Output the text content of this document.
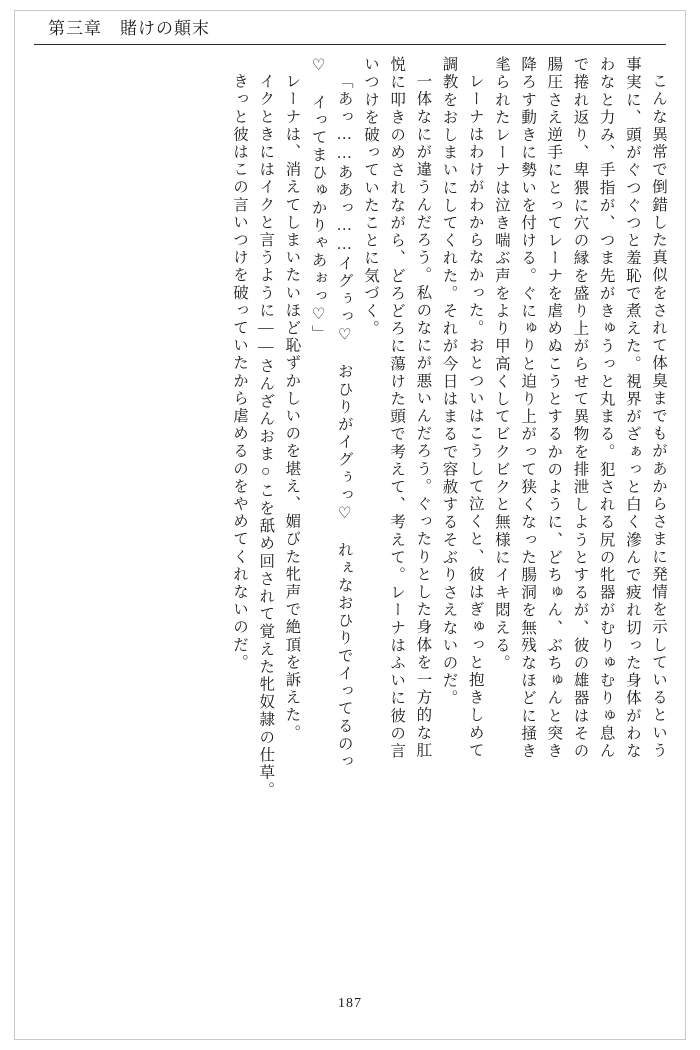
第三章 賭けの顛末
こんな異常で倒錯した真似をされて体臭までもがあからさまに発情を示しているという
事実に、頭がぐつぐつと羞恥で煮えた。視界がざぁっと白く滲んで疲れ切った身体がわな
わなと力み、手指が、つま先がきゅうっと丸まる。犯される尻の牝器がむりゅむりゅ息ん
で捲れ返り、卑猥に穴の縁を盛り上がらせて異物を排泄しようとするが、彼の雄器はその
腸圧さえ逆手にとってレーナを虐めぬこうとするかのように、どちゅん、ぶちゅんと突き
降ろす動きに勢いを付ける。ぐにゅりと迫り上がって狭くなった腸洞を無残なほどに掻き
毟られたレーナは泣き喘ぶ声をより甲高くしてビクビクと無様にイキ悶える。
レーナはわけがわからなかった。おとついはこうして泣くと、彼はぎゅっと抱きしめて
調教をおしまいにしてくれた。それが今日はまるで容赦するそぶりさえないのだ。
一体なにが違うんだろう。私のなにが悪いんだろう。ぐったりとした身体を一方的な肛
悦に叩きのめされながら、どろどろに蕩けた頭で考えて、考えて。レーナはふいに彼の言
いつけを破っていたことに気づく。
「あっ……ああっ……イグぅっ♡　おひりがイグぅっ♡　れぇなおひりでイってるのっ
♡　イってまひゅかりゃあぉっ♡」
レーナは、消えてしまいたいほど恥ずかしいのを堪え、媚びた牝声で絶頂を訴えた。
イクときにはイクと言うように――さんざんおま○こを舐め回されて覚えた牝奴隷の仕草。
きっと彼はこの言いつけを破っていたから虐めるのをやめてくれないのだ。
187
